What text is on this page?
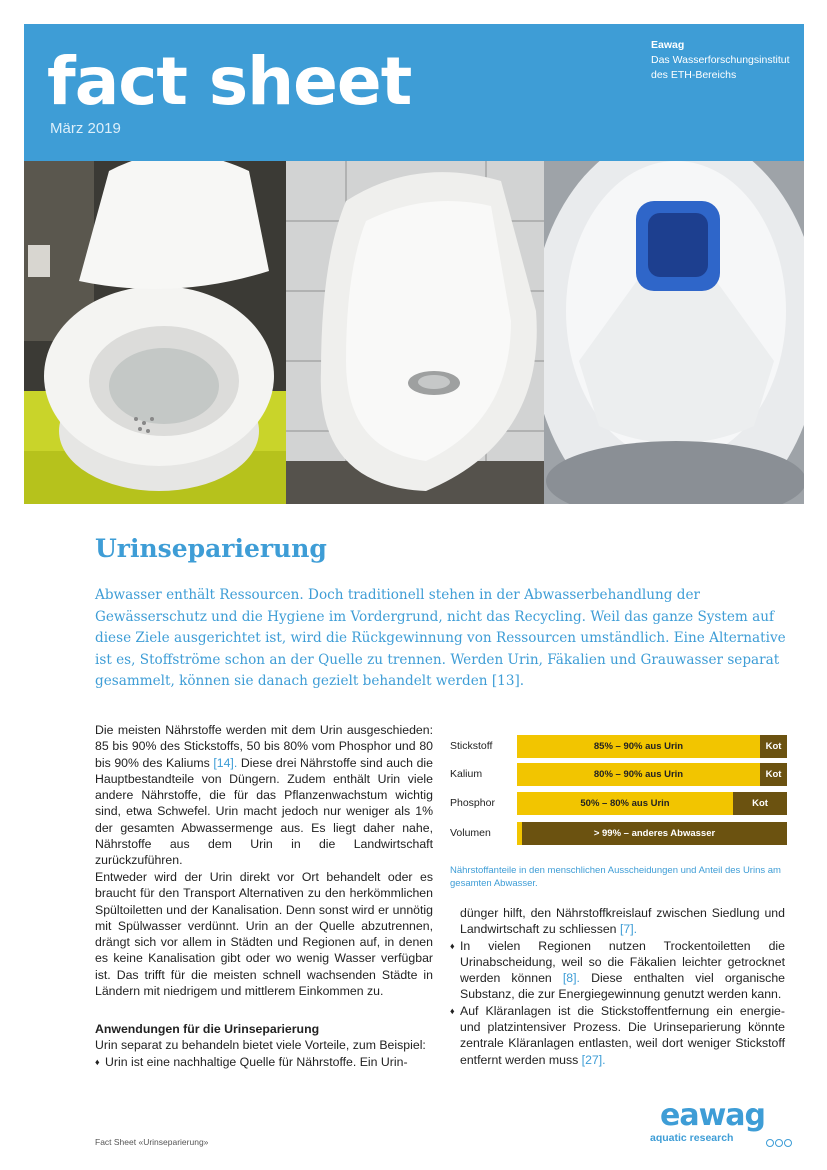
fact sheet
März 2019
Eawag
Das Wasserforschungsinstitut
des ETH-Bereichs
Urinseparierung
Abwasser enthält Ressourcen. Doch traditionell stehen in der Abwasserbehandlung der Gewässerschutz und die Hygiene im Vordergrund, nicht das Recycling. Weil das ganze System auf diese Ziele ausgerichtet ist, wird die Rückgewinnung von Ressourcen umständlich. Eine Alternative ist es, Stoffströme schon an der Quelle zu trennen. Werden Urin, Fäkalien und Grauwasser separat gesammelt, können sie danach gezielt behandelt werden [13].
Die meisten Nährstoffe werden mit dem Urin ausgeschieden: 85 bis 90% des Stickstoffs, 50 bis 80% vom Phosphor und 80 bis 90% des Kaliums [14]. Diese drei Nährstoffe sind auch die Hauptbestandteile von Düngern. Zudem enthält Urin viele andere Nährstoffe, die für das Pflanzenwachstum wichtig sind, etwa Schwefel. Urin macht jedoch nur weniger als 1% der gesamten Abwassermenge aus. Es liegt daher nahe, Nährstoffe aus dem Urin in die Landwirtschaft zurückzuführen.
Entweder wird der Urin direkt vor Ort behandelt oder es braucht für den Transport Alternativen zu den herkömmlichen Spültoiletten und der Kanalisation. Denn sonst wird er unnötig mit Spülwasser verdünnt. Urin an der Quelle abzutrennen, drängt sich vor allem in Städten und Regionen auf, in denen es keine Kanalisation gibt oder wo wenig Wasser verfügbar ist. Das trifft für die meisten schnell wachsenden Städte in Ländern mit niedrigem und mittlerem Einkommen zu.
Anwendungen für die Urinseparierung
Urin separat zu behandeln bietet viele Vorteile, zum Beispiel:
♦ Urin ist eine nachhaltige Quelle für Nährstoffe. Ein Urin-
dünger hilft, den Nährstoffkreislauf zwischen Siedlung und Landwirtschaft zu schliessen [7].
♦ In vielen Regionen nutzen Trockentoiletten die Urinabscheidung, weil so die Fäkalien leichter getrocknet werden können [8]. Diese enthalten viel organische Substanz, die zur Energiegewinnung genutzt werden kann.
♦ Auf Kläranlagen ist die Stickstoffentfernung ein energie- und platzintensiver Prozess. Die Urinseparierung könnte zentrale Kläranlagen entlasten, weil dort weniger Stickstoff entfernt werden muss [27].
Stickstoff	85% – 90% aus Urin	Kot
Kalium	80% – 90% aus Urin	Kot
Phosphor	50% – 80% aus Urin	Kot
Volumen	> 99% – anderes Abwasser
Nährstoffanteile in den menschlichen Ausscheidungen und Anteil des Urins am gesamten Abwasser.
Fact Sheet «Urinseparierung»
eawag
aquatic research
